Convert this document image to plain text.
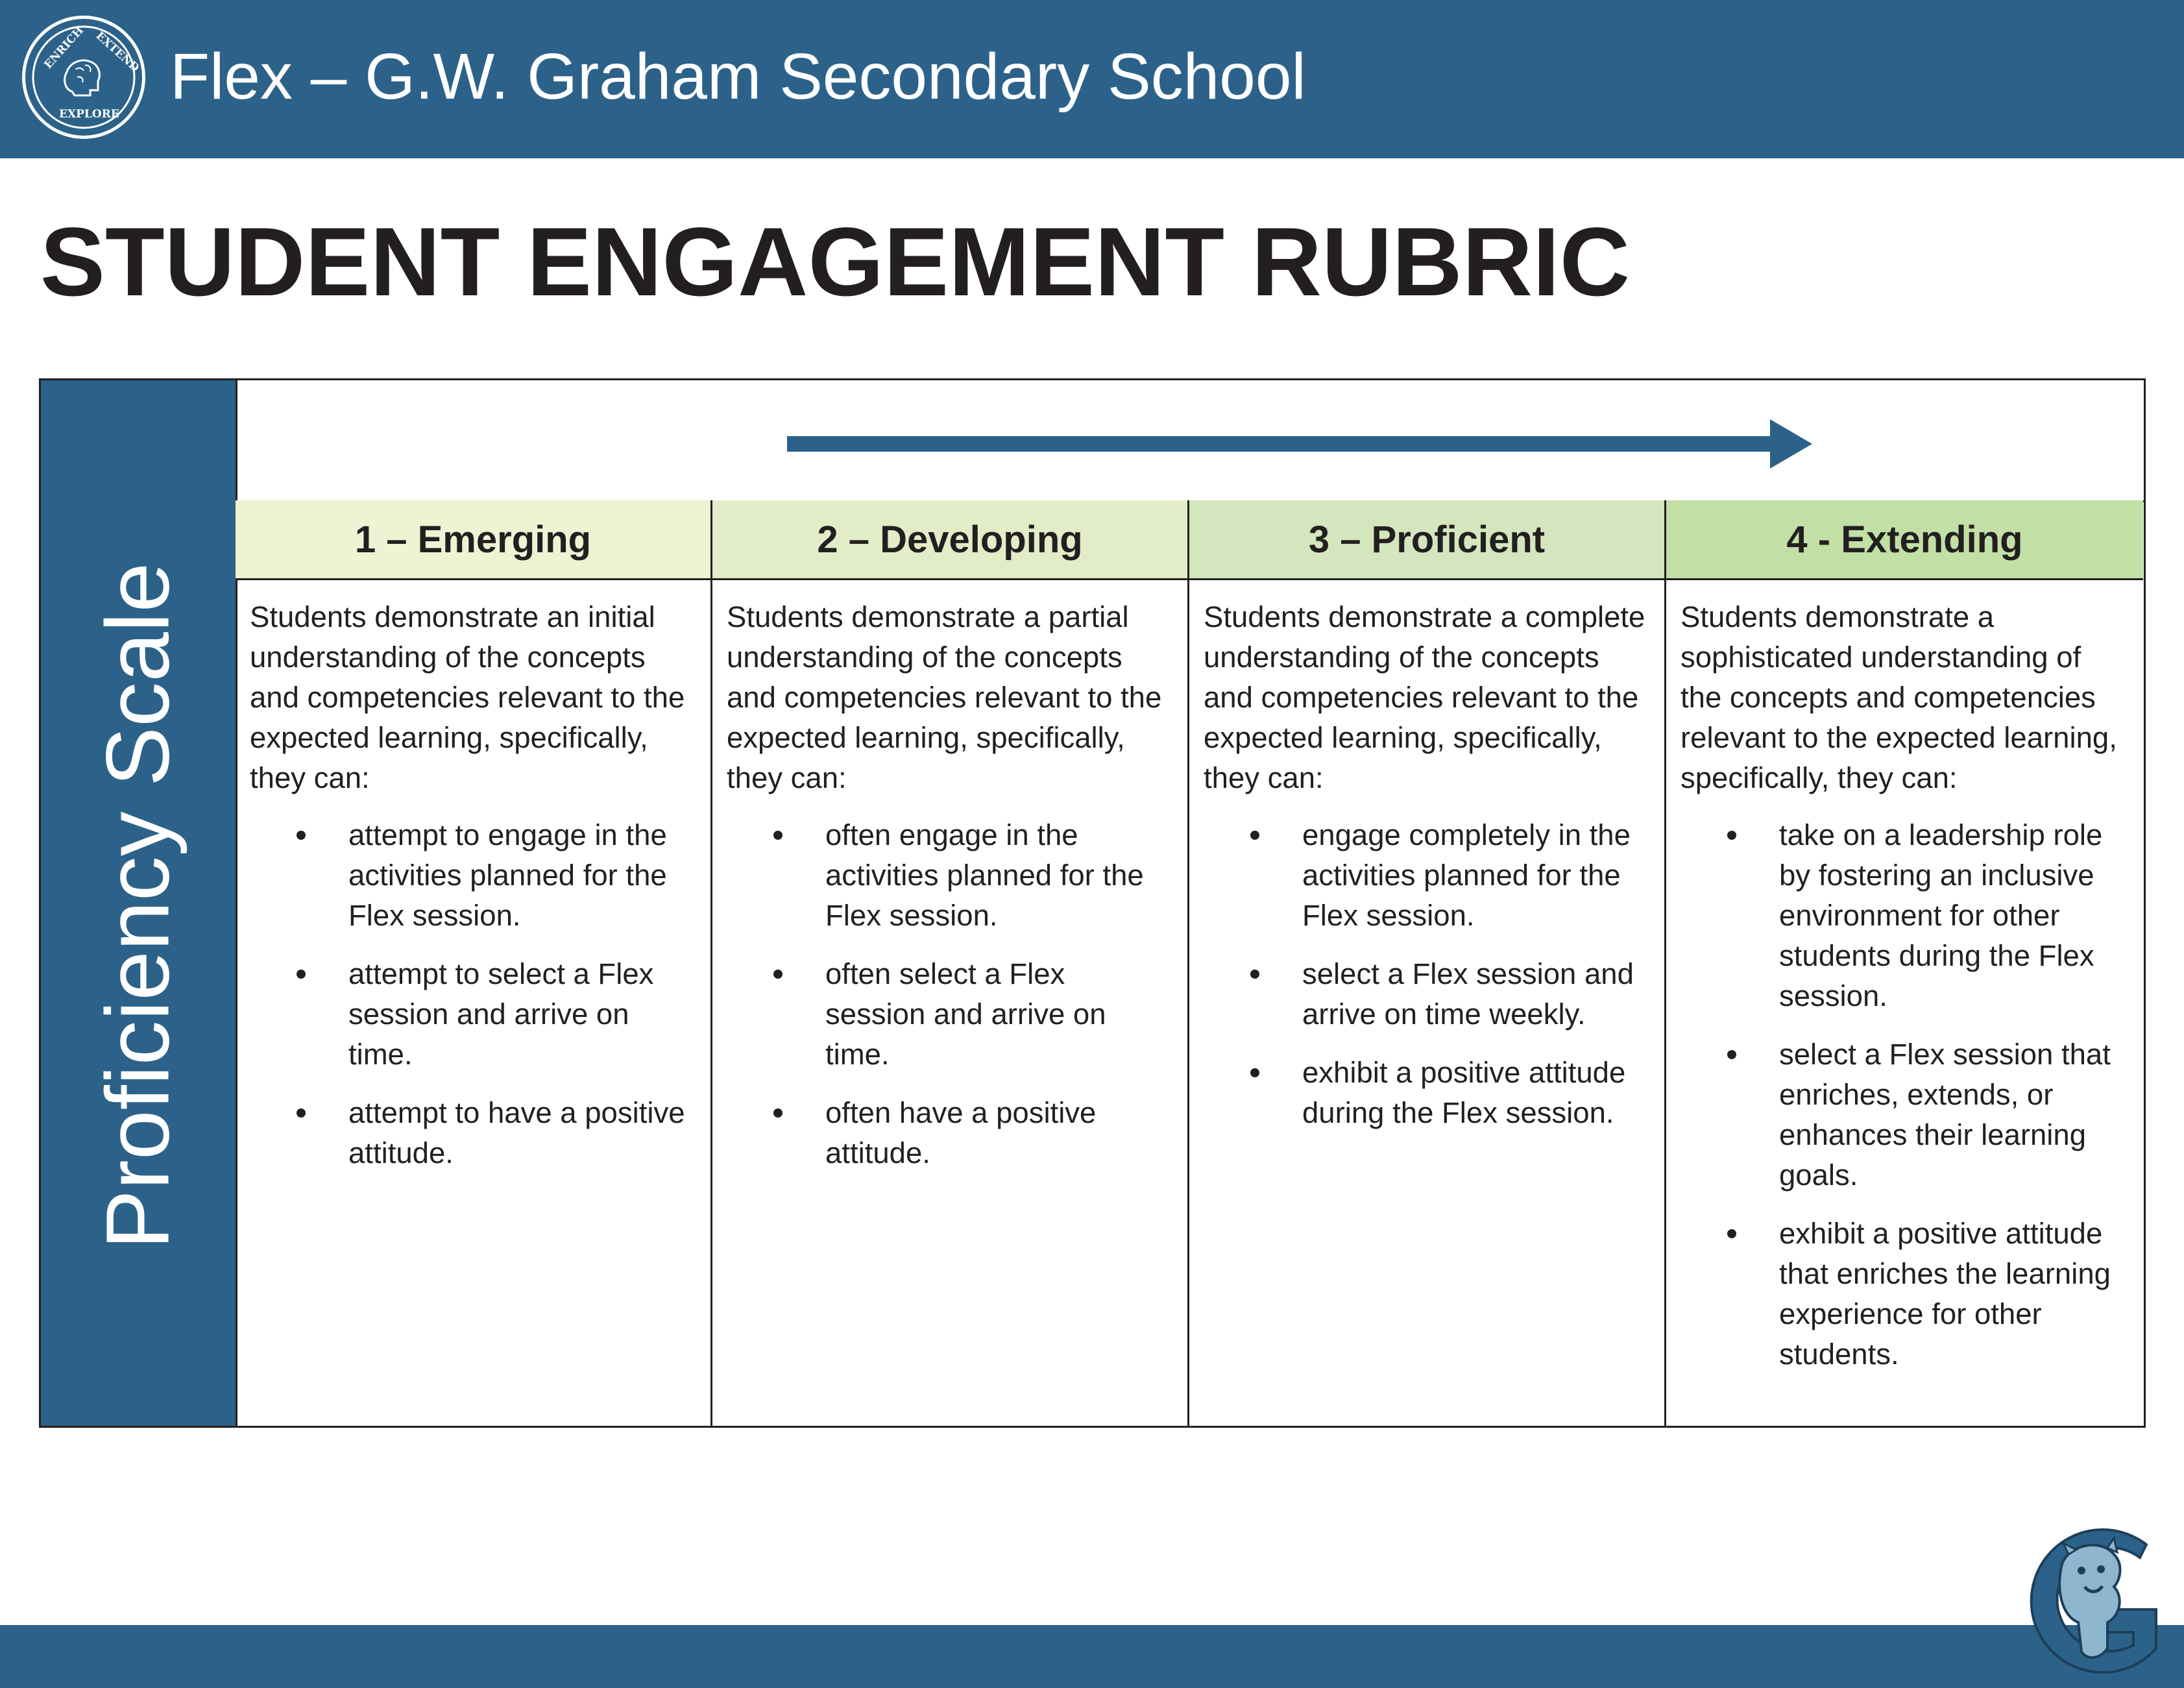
ENRICH EXTEND
EXPLORE
Flex – G.W. Graham Secondary School
STUDENT ENGAGEMENT RUBRIC
Proficiency Scale
1 – Emerging

Students demonstrate an initial understanding of the concepts and competencies relevant to the expected learning, specifically, they can:

attempt to engage in the activities planned for the Flex session.
attempt to select a Flex session and arrive on time.
attempt to have a positive attitude.
2 – Developing

Students demonstrate a partial understanding of the concepts and competencies relevant to the expected learning, specifically, they can:

often engage in the activities planned for the Flex session.
often select a Flex session and arrive on time.
often have a positive attitude.
3 – Proficient

Students demonstrate a complete understanding of the concepts and competencies relevant to the expected learning, specifically, they can:

engage completely in the activities planned for the Flex session.
select a Flex session and arrive on time weekly.
exhibit a positive attitude during the Flex session.
4 - Extending

Students demonstrate a sophisticated understanding of the concepts and competencies relevant to the expected learning, specifically, they can:

take on a leadership role by fostering an inclusive environment for other students during the Flex session.
select a Flex session that enriches, extends, or enhances their learning goals.
exhibit a positive attitude that enriches the learning experience for other students.
